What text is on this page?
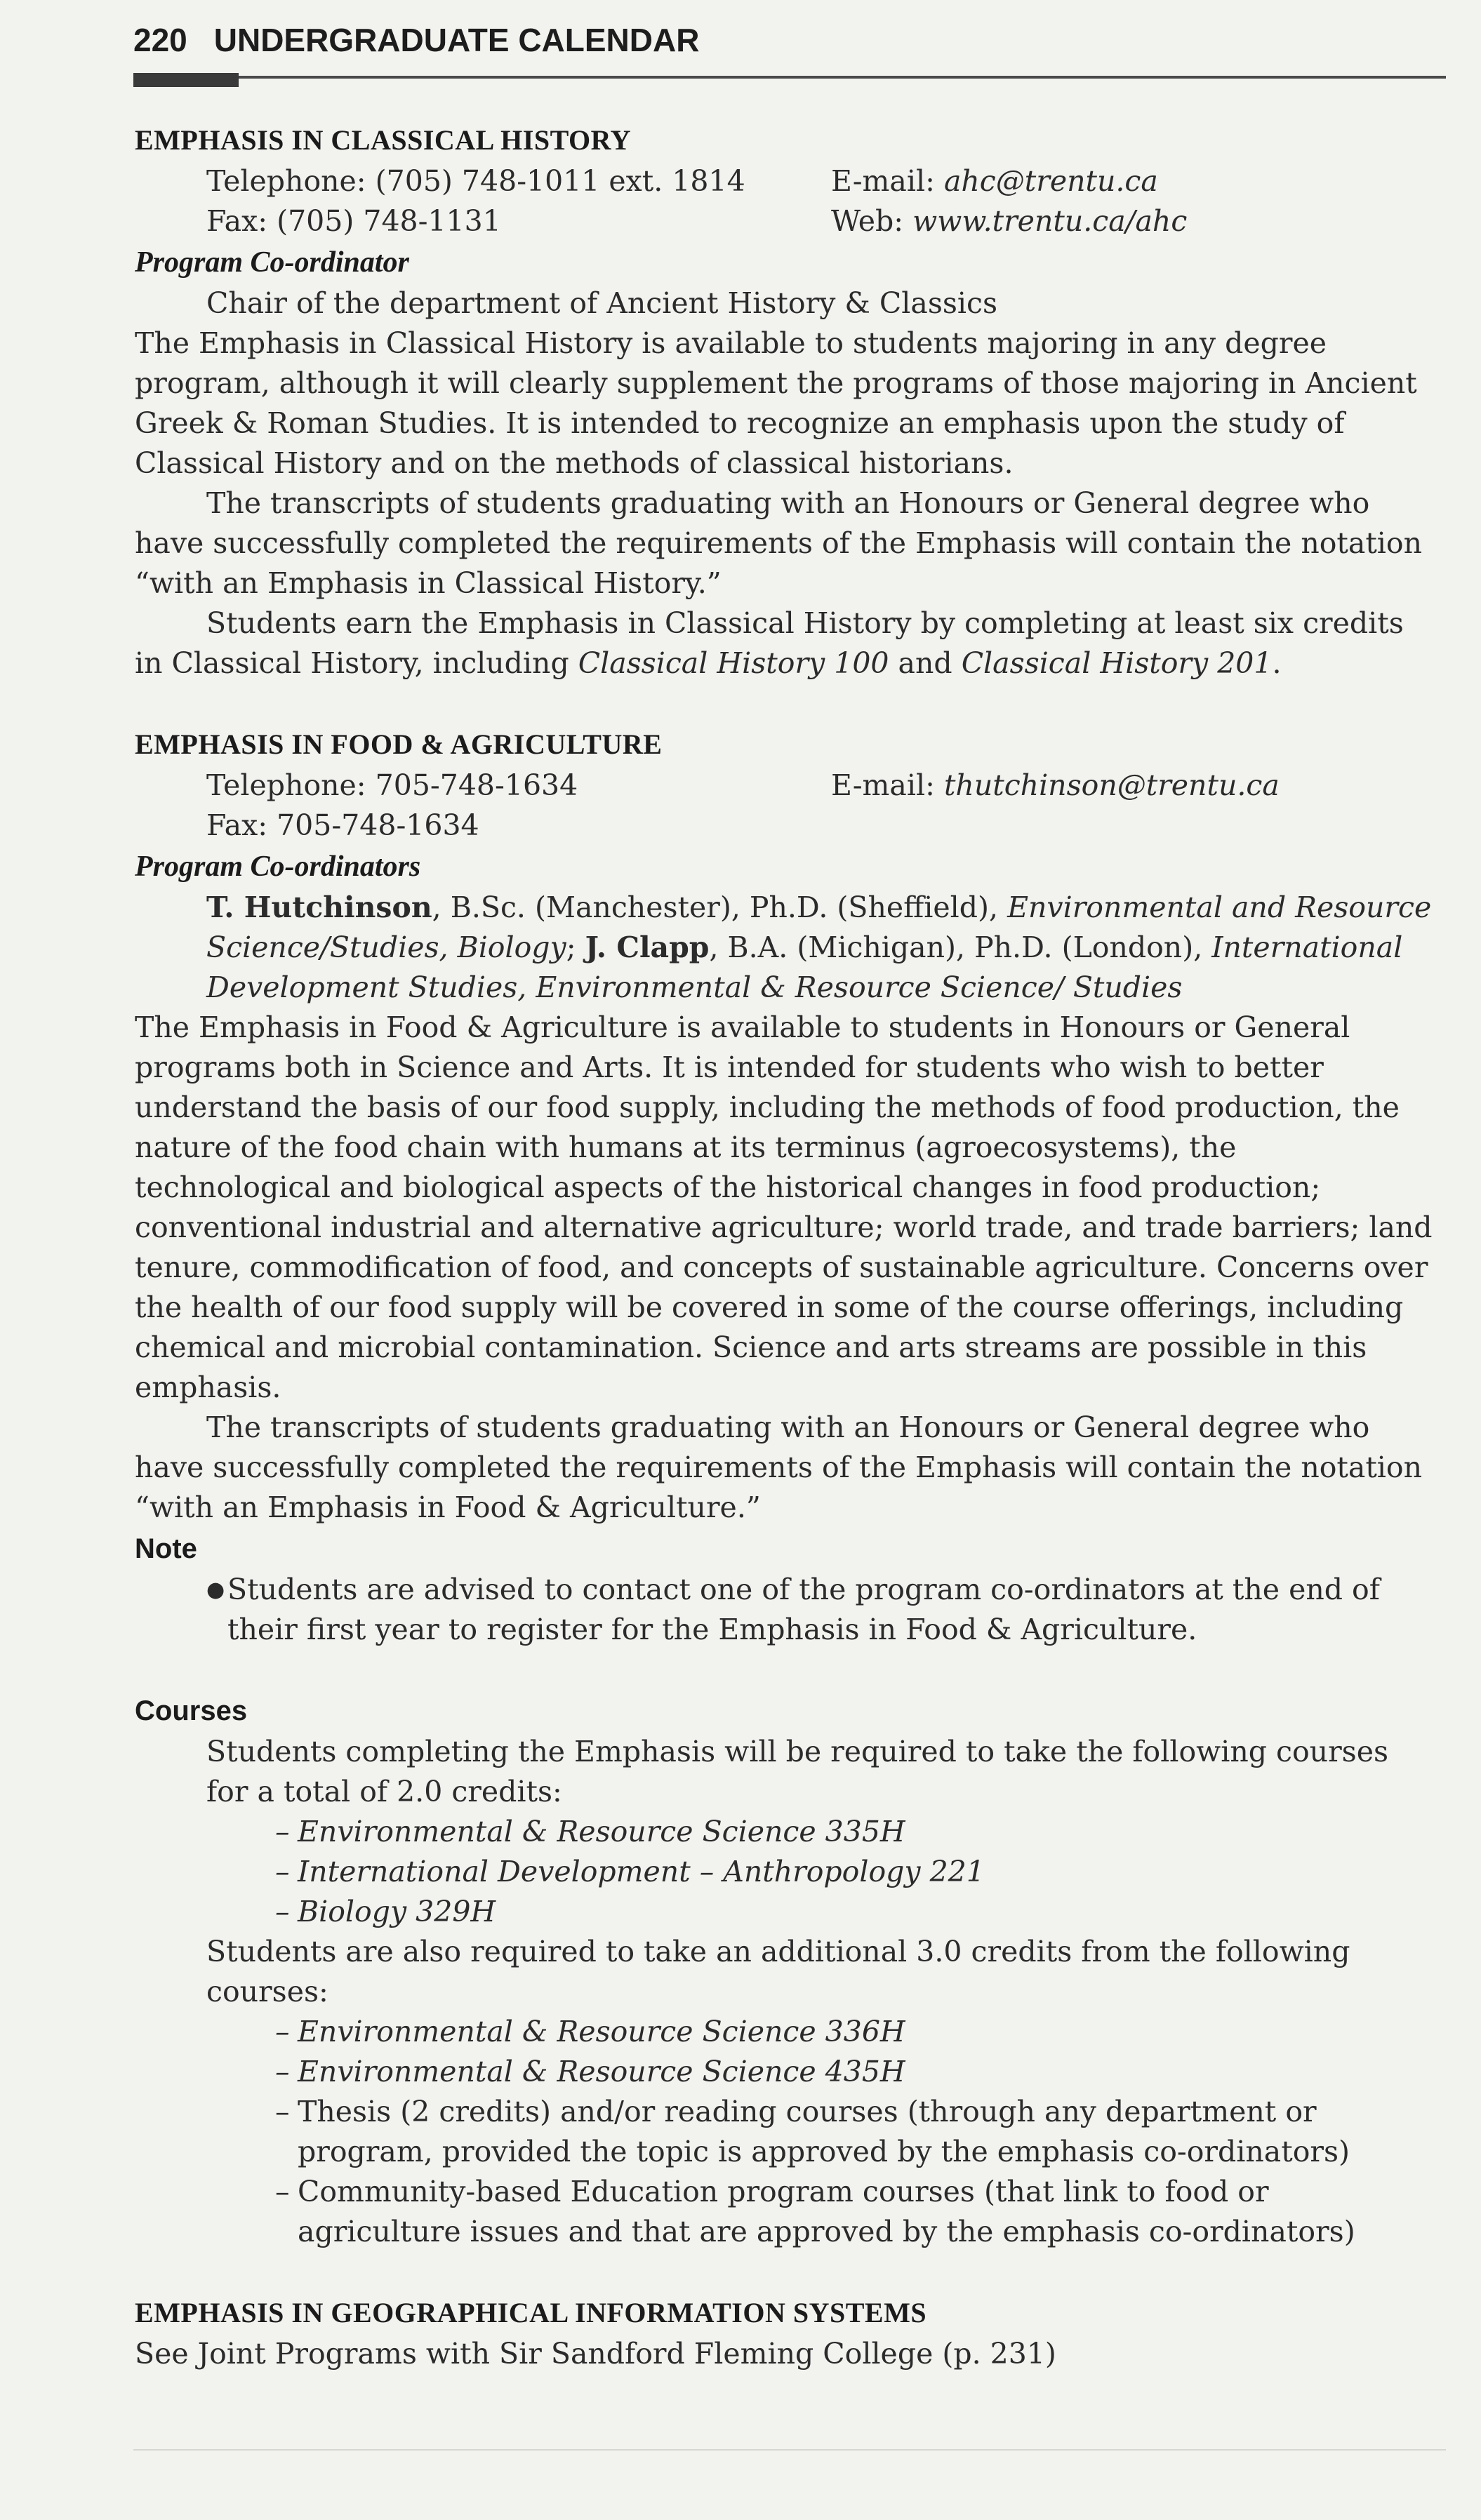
220 UNDERGRADUATE CALENDAR
EMPHASIS IN CLASSICAL HISTORY
Telephone: (705) 748-1011 ext. 1814	E-mail: ahc@trentu.ca
Fax: (705) 748-1131	Web: www.trentu.ca/ahc

Program Co-ordinator

Chair of the department of Ancient History & Classics

The Emphasis in Classical History is available to students majoring in any degree program, although it will clearly supplement the programs of those majoring in Ancient Greek & Roman Studies. It is intended to recognize an emphasis upon the study of Classical History and on the methods of classical historians.

The transcripts of students graduating with an Honours or General degree who have successfully completed the requirements of the Emphasis will contain the notation “with an Emphasis in Classical History.”

Students earn the Emphasis in Classical History by completing at least six credits in Classical History, including Classical History 100 and Classical History 201.

EMPHASIS IN FOOD & AGRICULTURE
Telephone: 705-748-1634	E-mail: thutchinson@trentu.ca
Fax: 705-748-1634

Program Co-ordinators

T. Hutchinson, B.Sc. (Manchester), Ph.D. (Sheffield), Environmental and Resource Science/Studies, Biology; J. Clapp, B.A. (Michigan), Ph.D. (London), International Development Studies, Environmental & Resource Science/ Studies

The Emphasis in Food & Agriculture is available to students in Honours or General programs both in Science and Arts. It is intended for students who wish to better understand the basis of our food supply, including the methods of food production, the nature of the food chain with humans at its terminus (agroecosystems), the technological and biological aspects of the historical changes in food production; conventional industrial and alternative agriculture; world trade, and trade barriers; land tenure, commodification of food, and concepts of sustainable agriculture. Concerns over the health of our food supply will be covered in some of the course offerings, including chemical and microbial contamination. Science and arts streams are possible in this emphasis.

The transcripts of students graduating with an Honours or General degree who have successfully completed the requirements of the Emphasis will contain the notation “with an Emphasis in Food & Agriculture.”

Note

● Students are advised to contact one of the program co-ordinators at the end of their first year to register for the Emphasis in Food & Agriculture.

Courses

Students completing the Emphasis will be required to take the following courses for a total of 2.0 credits:

– Environmental & Resource Science 335H
– International Development – Anthropology 221
– Biology 329H

Students are also required to take an additional 3.0 credits from the following courses:

– Environmental & Resource Science 336H
– Environmental & Resource Science 435H
– Thesis (2 credits) and/or reading courses (through any department or program, provided the topic is approved by the emphasis co-ordinators)
– Community-based Education program courses (that link to food or agriculture issues and that are approved by the emphasis co-ordinators)
EMPHASIS IN GEOGRAPHICAL INFORMATION SYSTEMS

See Joint Programs with Sir Sandford Fleming College (p. 231)
